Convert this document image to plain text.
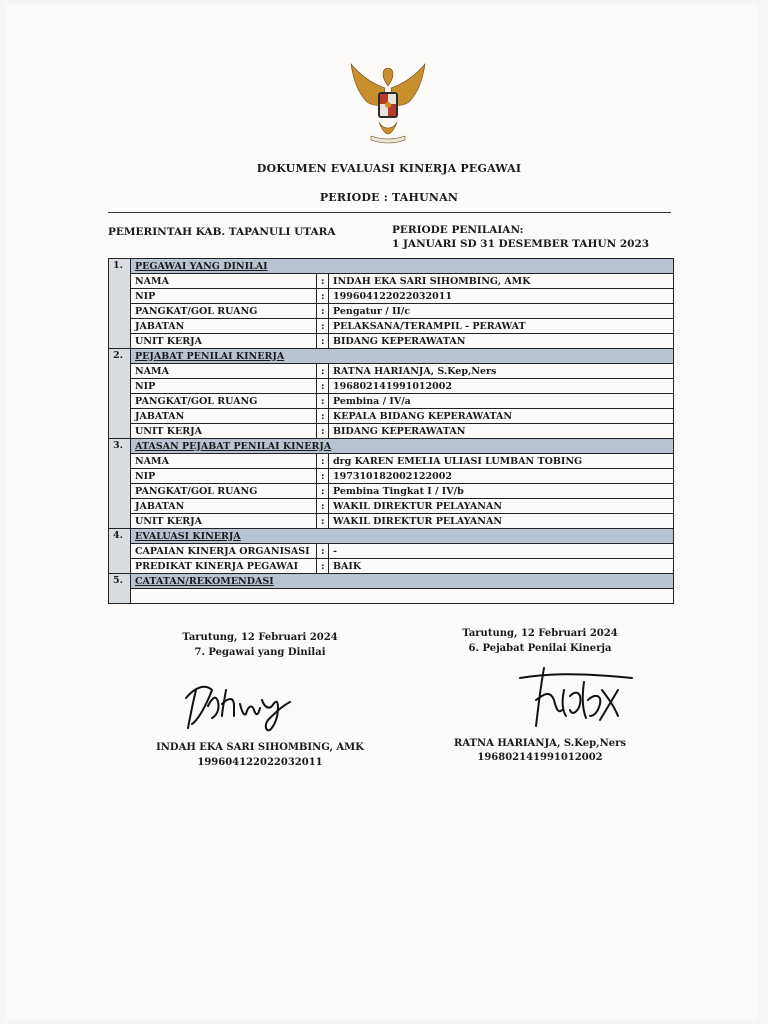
DOKUMEN EVALUASI KINERJA PEGAWAI
PERIODE : TAHUNAN
PEMERINTAH KAB. TAPANULI UTARA	PERIODE PENILAIAN:
1 JANUARI SD 31 DESEMBER TAHUN 2023
1.	PEGAWAI YANG DINILAI		
	NAMA	:	INDAH EKA SARI SIHOMBING, AMK
	NIP	:	199604122022032011
	PANGKAT/GOL RUANG	:	Pengatur / II/c
	JABATAN	:	PELAKSANA/TERAMPIL - PERAWAT
	UNIT KERJA	:	BIDANG KEPERAWATAN
2.	PEJABAT PENILAI KINERJA		
	NAMA	:	RATNA HARIANJA, S.Kep,Ners
	NIP	:	196802141991012002
	PANGKAT/GOL RUANG	:	Pembina / IV/a
	JABATAN	:	KEPALA BIDANG KEPERAWATAN
	UNIT KERJA	:	BIDANG KEPERAWATAN
3.	ATASAN PEJABAT PENILAI KINERJA		
	NAMA	:	drg KAREN EMELIA ULIASI LUMBAN TOBING
	NIP	:	197310182002122002
	PANGKAT/GOL RUANG	:	Pembina Tingkat I / IV/b
	JABATAN	:	WAKIL DIREKTUR PELAYANAN
	UNIT KERJA	:	WAKIL DIREKTUR PELAYANAN
4.	EVALUASI KINERJA		
	CAPAIAN KINERJA ORGANISASI	:	-
	PREDIKAT KINERJA PEGAWAI	:	BAIK
5.	CATATAN/REKOMENDASI		

Tarutung, 12 Februari 2024
7. Pegawai yang Dinilai
INDAH EKA SARI SIHOMBING, AMK
199604122022032011
Tarutung, 12 Februari 2024
6. Pejabat Penilai Kinerja
RATNA HARIANJA, S.Kep,Ners
196802141991012002
